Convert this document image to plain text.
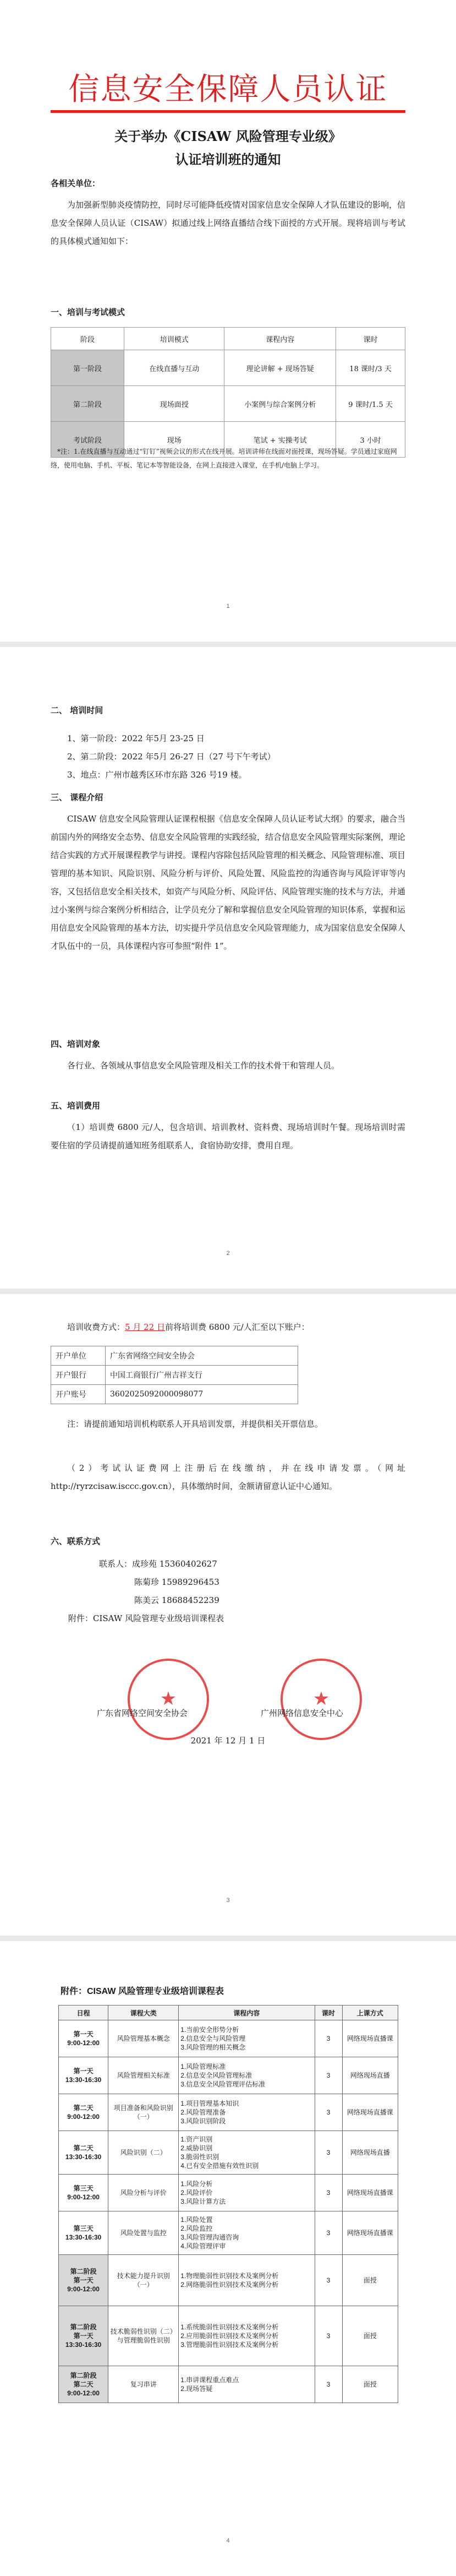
信息安全保障人员认证
关于举办《CISAW 风险管理专业级》
认证培训班的通知
各相关单位：
为加强新型肺炎疫情防控，同时尽可能降低疫情对国家信息安全保障人才队伍建设的影响，信息安全保障人员认证（CISAW）拟通过线上网络直播结合线下面授的方式开展。现将培训与考试的具体模式通知如下：
一、培训与考试模式
阶段	培训模式	课程内容	课时
第一阶段	在线直播与互动	理论讲解 + 现场答疑	18 课时/3 天
第二阶段	现场面授	小案例与综合案例分析	9 课时/1.5 天
考试阶段	现场	笔试 + 实操考试	3 小时
*注：1.在线直播与互动通过“钉钉”视频会议的形式在线开展。培训讲师在线面对面授课，现场答疑。学员通过家庭网络，使用电脑、手机、平板、笔记本等智能设备，在网上直接进入课堂，在手机/电脑上学习。
1
二、 培训时间
1、第一阶段：2022 年5月 23-25 日
2、第二阶段：2022 年5月 26-27 日（27 号下午考试）
3、地点：广州市越秀区环市东路 326 号19 楼。
三、 课程介绍
CISAW 信息安全风险管理认证课程根据《信息安全保障人员认证考试大纲》的要求，融合当前国内外的网络安全态势、信息安全风险管理的实践经验，结合信息安全风险管理实际案例，理论结合实践的方式开展课程教学与讲授。课程内容除包括风险管理的相关概念、风险管理标准、项目管理的基本知识、风险识别、风险分析与评价、风险处置、风险监控的沟通咨询与风险评审等内容，又包括信息安全相关技术，如资产与风险分析、风险评估、风险管理实施的技术与方法，并通过小案例与综合案例分析相结合，让学员充分了解和掌握信息安全风险管理的知识体系，掌握和运用信息安全风险管理的基本方法，切实提升学员信息安全风险管理能力，成为国家信息安全保障人才队伍中的一员，具体课程内容可参照“附件 1”。
四、培训对象
各行业、各领域从事信息安全风险管理及相关工作的技术骨干和管理人员。
五、培训费用
（1）培训费 6800 元/人，包含培训、培训教材、资料费、现场培训时午餐。现场培训时需要住宿的学员请提前通知班务组联系人，食宿协助安排，费用自理。
2
培训收费方式：5 月 22 日前将培训费 6800 元/人汇至以下账户：
开户单位	广东省网络空间安全协会
开户银行	中国工商银行广州吉祥支行
开户账号	3602025092000098077
注：请提前通知培训机构联系人开具培训发票，并提供相关开票信息。
（2）考试认证费网上注册后在线缴纳，并在线申请发票。（网址http://ryrzcisaw.isccc.gov.cn），具体缴纳时间，金额请留意认证中心通知。
六、联系方式
联系人：成珍苑 15360402627
陈菊珍 15989296453
陈美云 18688452239
附件：CISAW 风险管理专业级培训课程表
★	★
广东省网络空间安全协会	广州网络信息安全中心
2021 年 12 月 1 日
3
附件：CISAW 风险管理专业级培训课程表
日程	课程大类	课程内容	课时	上课方式
第一天
9:00-12:00	风险管理基本概念	1.当前安全形势分析
2.信息安全与风险管理
3.风险管理的相关概念	3	网络现场直播课
第一天
13:30-16:30	风险管理相关标准	1.风险管理标准
2.信息安全风险管理标准
3.信息安全风险管理评估标准	3	网络现场直播
第二天
9:00-12:00	项目准备和风险识别（一）	1.项目管理基本知识
2.风险管理准备
3.风险识别阶段	3	网络现场直播课
第二天
13:30-16:30	风险识别（二）	1.资产识别
2.威胁识别
3.脆弱性识别
4.已有安全措施有效性识别	3	网络现场直播
第三天
9:00-12:00	风险分析与评价	1.风险分析
2.风险评价
3.风险计算方法	3	网络现场直播课
第三天
13:30-16:30	风险处置与监控	1.风险处置
2.风险监控
3.风险管理沟通咨询
4.风险管理评审	3	网络现场直播课
第二阶段
第一天
9:00-12:00	技术能力提升识别（一）	1.物理脆弱性识别技术及案例分析
2.网络脆弱性识别技术及案例分析	3	面授
第二阶段
第一天
13:30-16:30	技术脆弱性识别（二）与管理脆弱性识别	1.系统脆弱性识别技术及案例分析
2.应用脆弱性识别技术及案例分析
3.管理脆弱性识别技术及案例分析	3	面授
第二阶段
第二天
9:00-12:00	复习串讲	1.串讲课程重点难点
2.现场答疑	3	面授
4
